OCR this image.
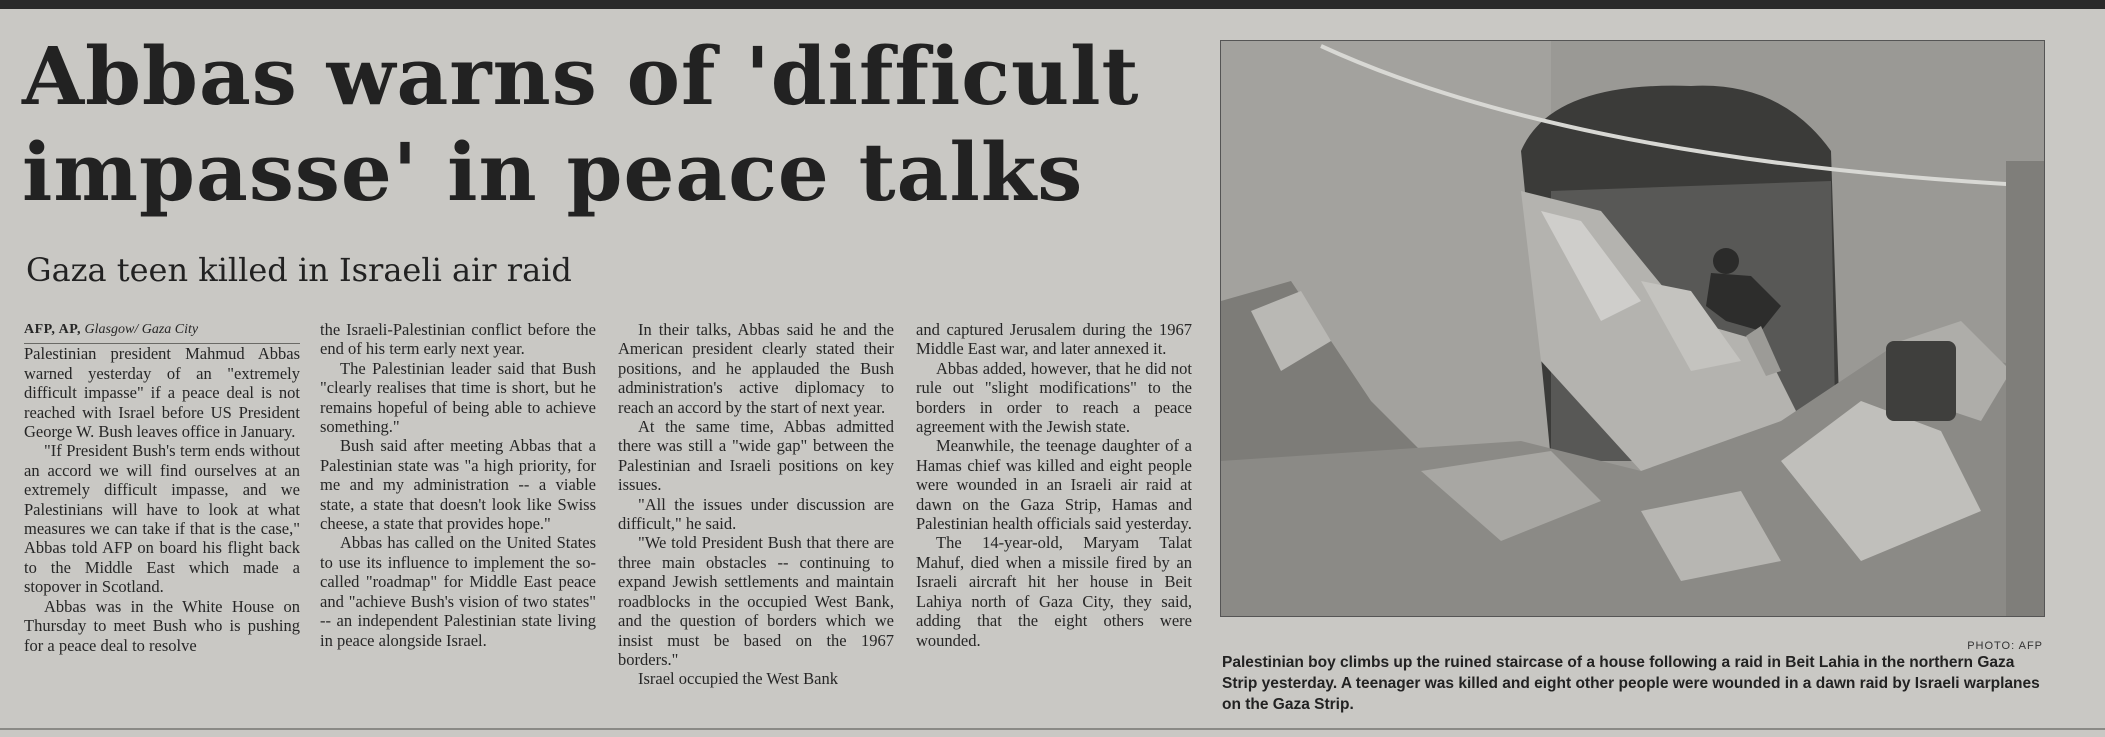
Abbas warns of 'difficult impasse' in peace talks
Gaza teen killed in Israeli air raid

AFP, AP, Glasgow/ Gaza City

Palestinian president Mahmud Abbas warned yesterday of an "extremely difficult impasse" if a peace deal is not reached with Israel before US President George W. Bush leaves office in January.

"If President Bush's term ends without an accord we will find ourselves at an extremely difficult impasse, and we Palestinians will have to look at what measures we can take if that is the case," Abbas told AFP on board his flight back to the Middle East which made a stopover in Scotland.

Abbas was in the White House on Thursday to meet Bush who is pushing for a peace deal to resolve

the Israeli-Palestinian conflict before the end of his term early next year.

The Palestinian leader said that Bush "clearly realises that time is short, but he remains hopeful of being able to achieve something."

Bush said after meeting Abbas that a Palestinian state was "a high priority, for me and my administration -- a viable state, a state that doesn't look like Swiss cheese, a state that provides hope."

Abbas has called on the United States to use its influence to implement the so-called "roadmap" for Middle East peace and "achieve Bush's vision of two states" -- an independent Palestinian state living in peace alongside Israel.

In their talks, Abbas said he and the American president clearly stated their positions, and he applauded the Bush administration's active diplomacy to reach an accord by the start of next year.

At the same time, Abbas admitted there was still a "wide gap" between the Palestinian and Israeli positions on key issues.

"All the issues under discussion are difficult," he said.

"We told President Bush that there are three main obstacles -- continuing to expand Jewish settlements and maintain roadblocks in the occupied West Bank, and the question of borders which we insist must be based on the 1967 borders."

Israel occupied the West Bank

and captured Jerusalem during the 1967 Middle East war, and later annexed it.

Abbas added, however, that he did not rule out "slight modifications" to the borders in order to reach a peace agreement with the Jewish state.

Meanwhile, the teenage daughter of a Hamas chief was killed and eight people were wounded in an Israeli air raid at dawn on the Gaza Strip, Hamas and Palestinian health officials said yesterday.

The 14-year-old, Maryam Talat Mahuf, died when a missile fired by an Israeli aircraft hit her house in Beit Lahiya north of Gaza City, they said, adding that the eight others were wounded.	PHOTO: AFP
Palestinian boy climbs up the ruined staircase of a house following a raid in Beit Lahia in the northern Gaza Strip yesterday. A teenager was killed and eight other people were wounded in a dawn raid by Israeli warplanes on the Gaza Strip.
